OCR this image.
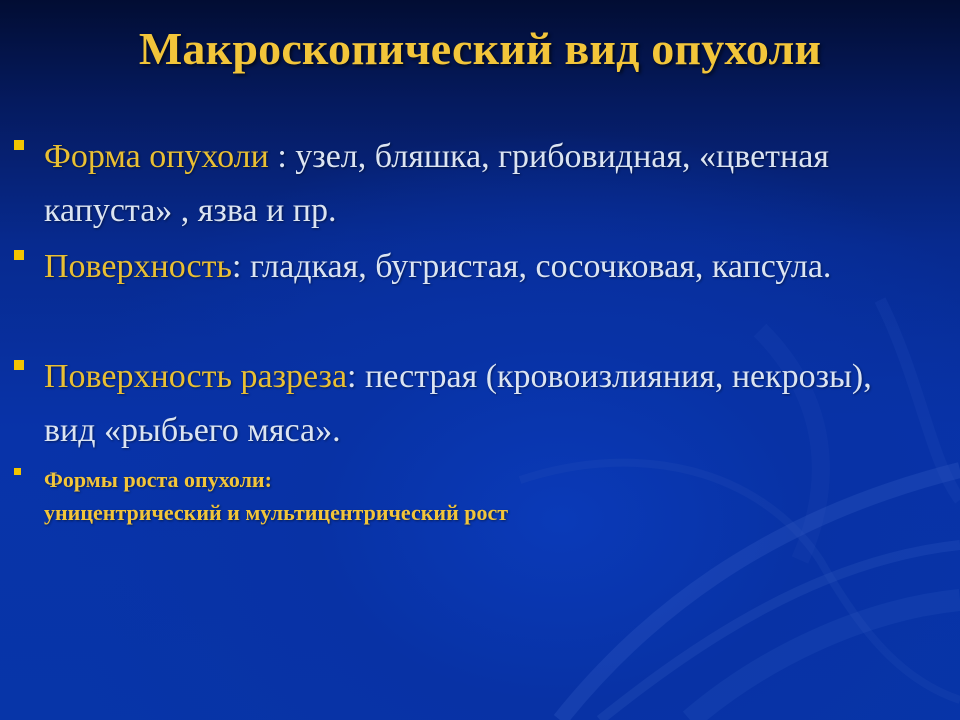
Макроскопический вид опухоли
Форма опухоли : узел, бляшка, грибовидная, «цветная капуста» , язва и пр.
Поверхность: гладкая, бугристая, сосочковая, капсула.
Поверхность разреза: пестрая (кровоизлияния, некрозы), вид «рыбьего мяса».
Формы роста опухоли:
уницентрический и мультицентрический рост
